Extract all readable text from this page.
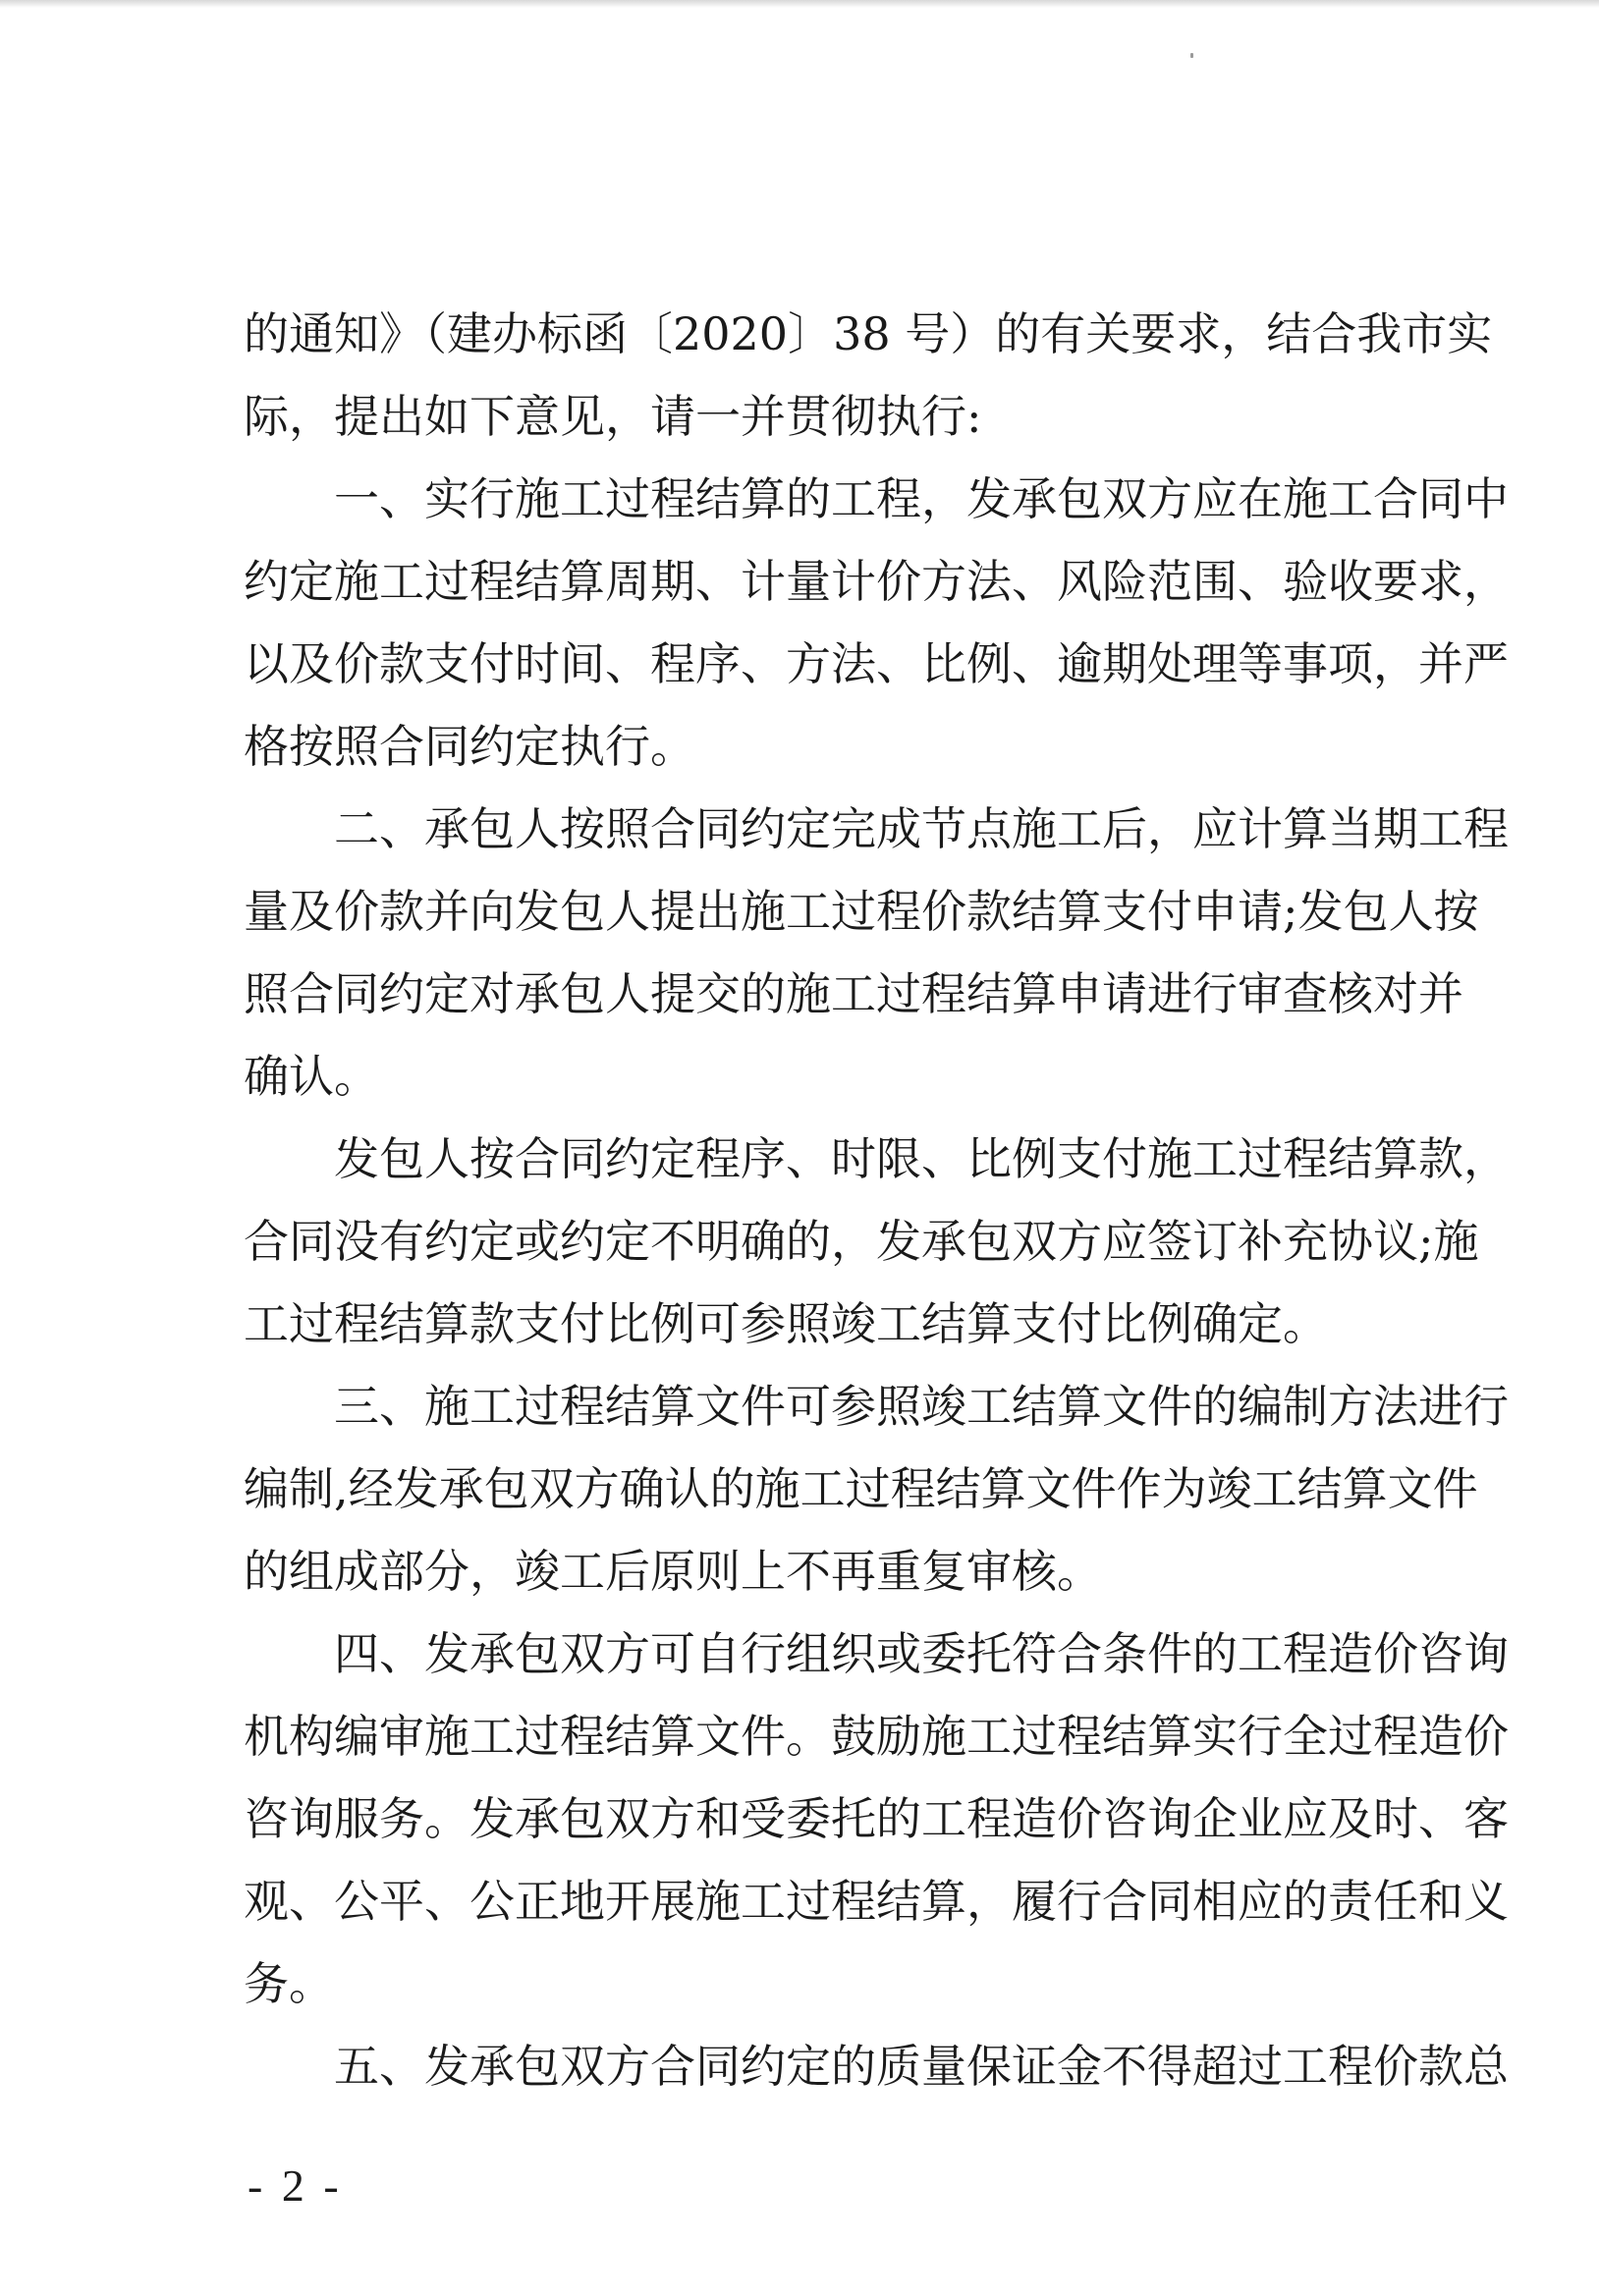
的通知》（建办标函〔2020〕38 号）的有关要求，结合我市实
际，提出如下意见，请一并贯彻执行:
一、实行施工过程结算的工程，发承包双方应在施工合同中
约定施工过程结算周期、计量计价方法、风险范围、验收要求，
以及价款支付时间、程序、方法、比例、逾期处理等事项，并严
格按照合同约定执行。
二、承包人按照合同约定完成节点施工后，应计算当期工程
量及价款并向发包人提出施工过程价款结算支付申请;发包人按
照合同约定对承包人提交的施工过程结算申请进行审查核对并
确认。
发包人按合同约定程序、时限、比例支付施工过程结算款，
合同没有约定或约定不明确的，发承包双方应签订补充协议;施
工过程结算款支付比例可参照竣工结算支付比例确定。
三、施工过程结算文件可参照竣工结算文件的编制方法进行
编制,经发承包双方确认的施工过程结算文件作为竣工结算文件
的组成部分，竣工后原则上不再重复审核。
四、发承包双方可自行组织或委托符合条件的工程造价咨询
机构编审施工过程结算文件。鼓励施工过程结算实行全过程造价
咨询服务。发承包双方和受委托的工程造价咨询企业应及时、客
观、公平、公正地开展施工过程结算，履行合同相应的责任和义
务。
五、发承包双方合同约定的质量保证金不得超过工程价款总
- 2 -
